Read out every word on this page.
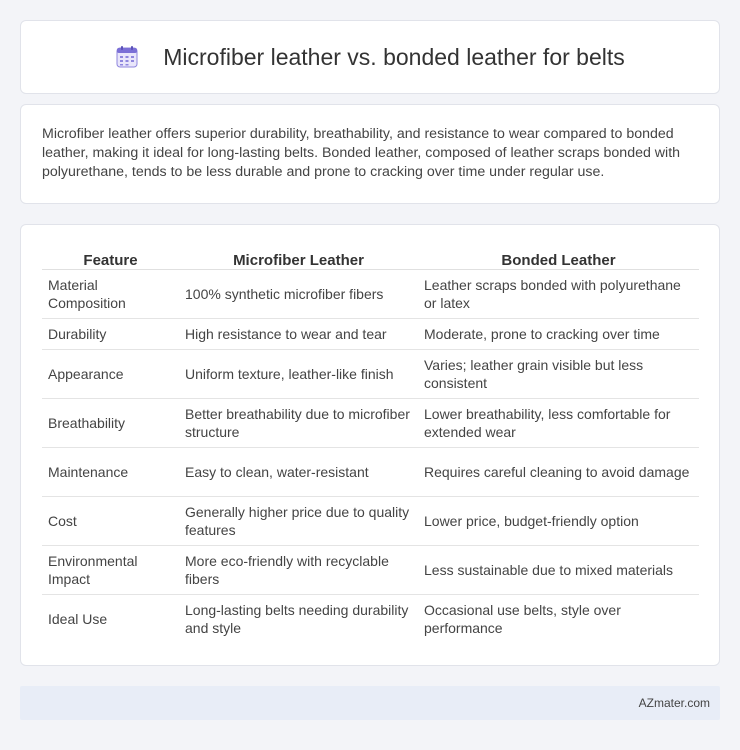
Microfiber leather vs. bonded leather for belts

Microfiber leather offers superior durability, breathability, and resistance to wear compared to bonded leather, making it ideal for long-lasting belts. Bonded leather, composed of leather scraps bonded with polyurethane, tends to be less durable and prone to cracking over time under regular use.

Feature	Microfiber Leather	Bonded Leather
Material Composition	100% synthetic microfiber fibers	Leather scraps bonded with polyurethane or latex
Durability	High resistance to wear and tear	Moderate, prone to cracking over time
Appearance	Uniform texture, leather-like finish	Varies; leather grain visible but less consistent
Breathability	Better breathability due to microfiber structure	Lower breathability, less comfortable for extended wear
Maintenance	Easy to clean, water-resistant	Requires careful cleaning to avoid damage
Cost	Generally higher price due to quality features	Lower price, budget-friendly option
Environmental Impact	More eco-friendly with recyclable fibers	Less sustainable due to mixed materials
Ideal Use	Long-lasting belts needing durability and style	Occasional use belts, style over performance
AZmater.com
